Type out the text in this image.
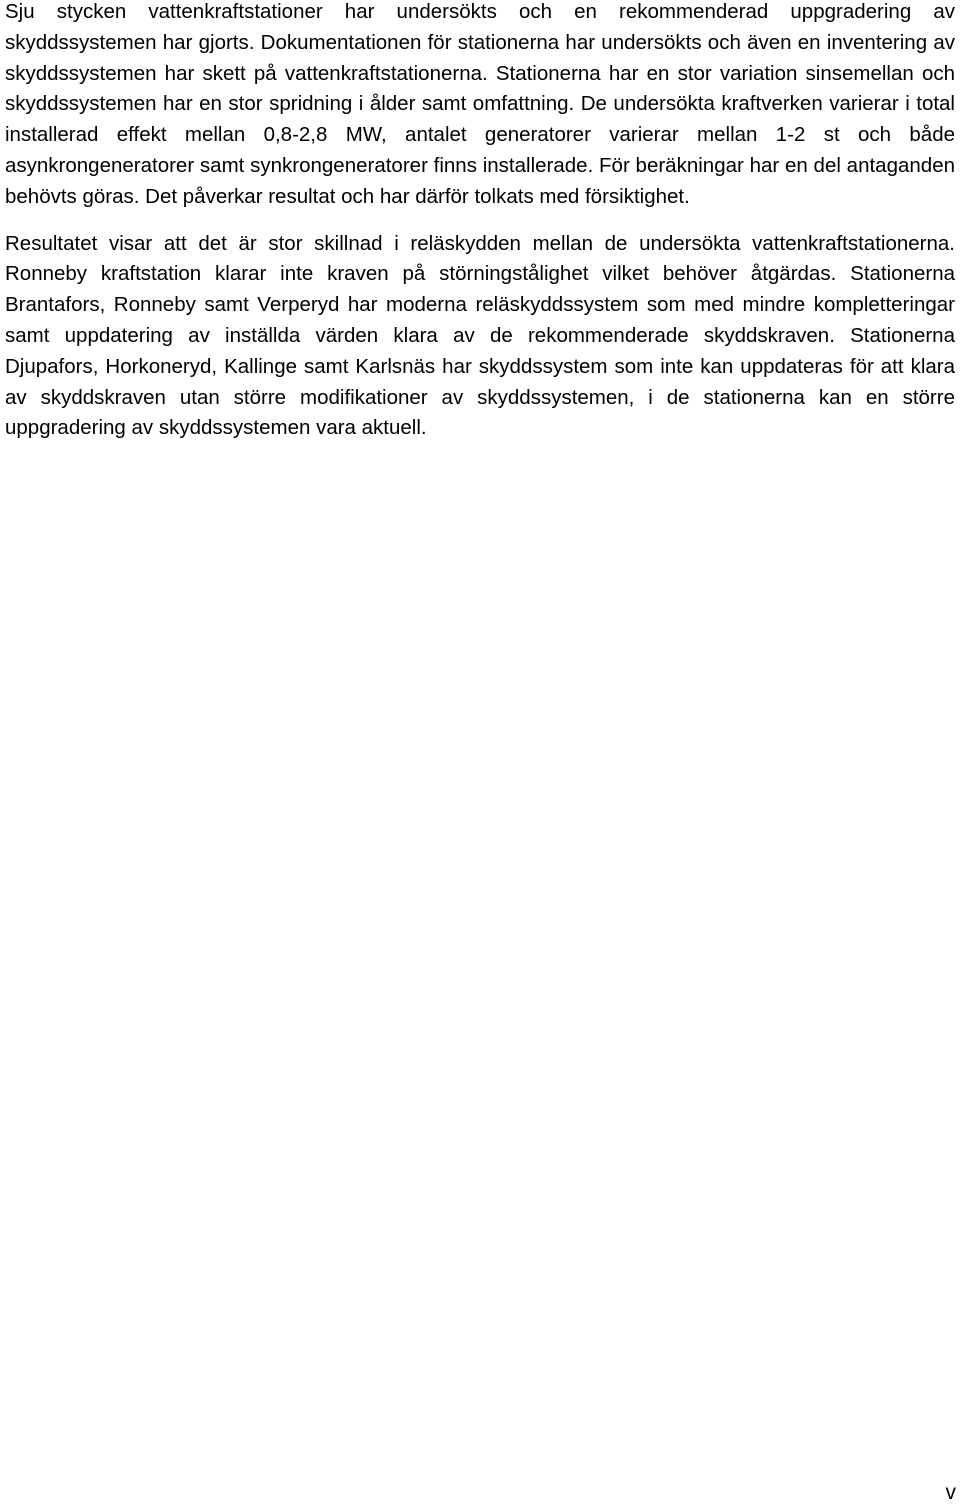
Sju stycken vattenkraftstationer har undersökts och en rekommenderad uppgradering av skyddssystemen har gjorts. Dokumentationen för stationerna har undersökts och även en inventering av skyddssystemen har skett på vattenkraftstationerna. Stationerna har en stor variation sinsemellan och skyddssystemen har en stor spridning i ålder samt omfattning. De undersökta kraftverken varierar i total installerad effekt mellan 0,8-2,8 MW, antalet generatorer varierar mellan 1-2 st och både asynkrongeneratorer samt synkrongeneratorer finns installerade. För beräkningar har en del antaganden behövts göras. Det påverkar resultat och har därför tolkats med försiktighet.

Resultatet visar att det är stor skillnad i reläskydden mellan de undersökta vattenkraftstationerna. Ronneby kraftstation klarar inte kraven på störningstålighet vilket behöver åtgärdas. Stationerna Brantafors, Ronneby samt Verperyd har moderna reläskyddssystem som med mindre kompletteringar samt uppdatering av inställda värden klara av de rekommenderade skyddskraven. Stationerna Djupafors, Horkoneryd, Kallinge samt Karlsnäs har skyddssystem som inte kan uppdateras för att klara av skyddskraven utan större modifikationer av skyddssystemen, i de stationerna kan en större uppgradering av skyddssystemen vara aktuell.

v
